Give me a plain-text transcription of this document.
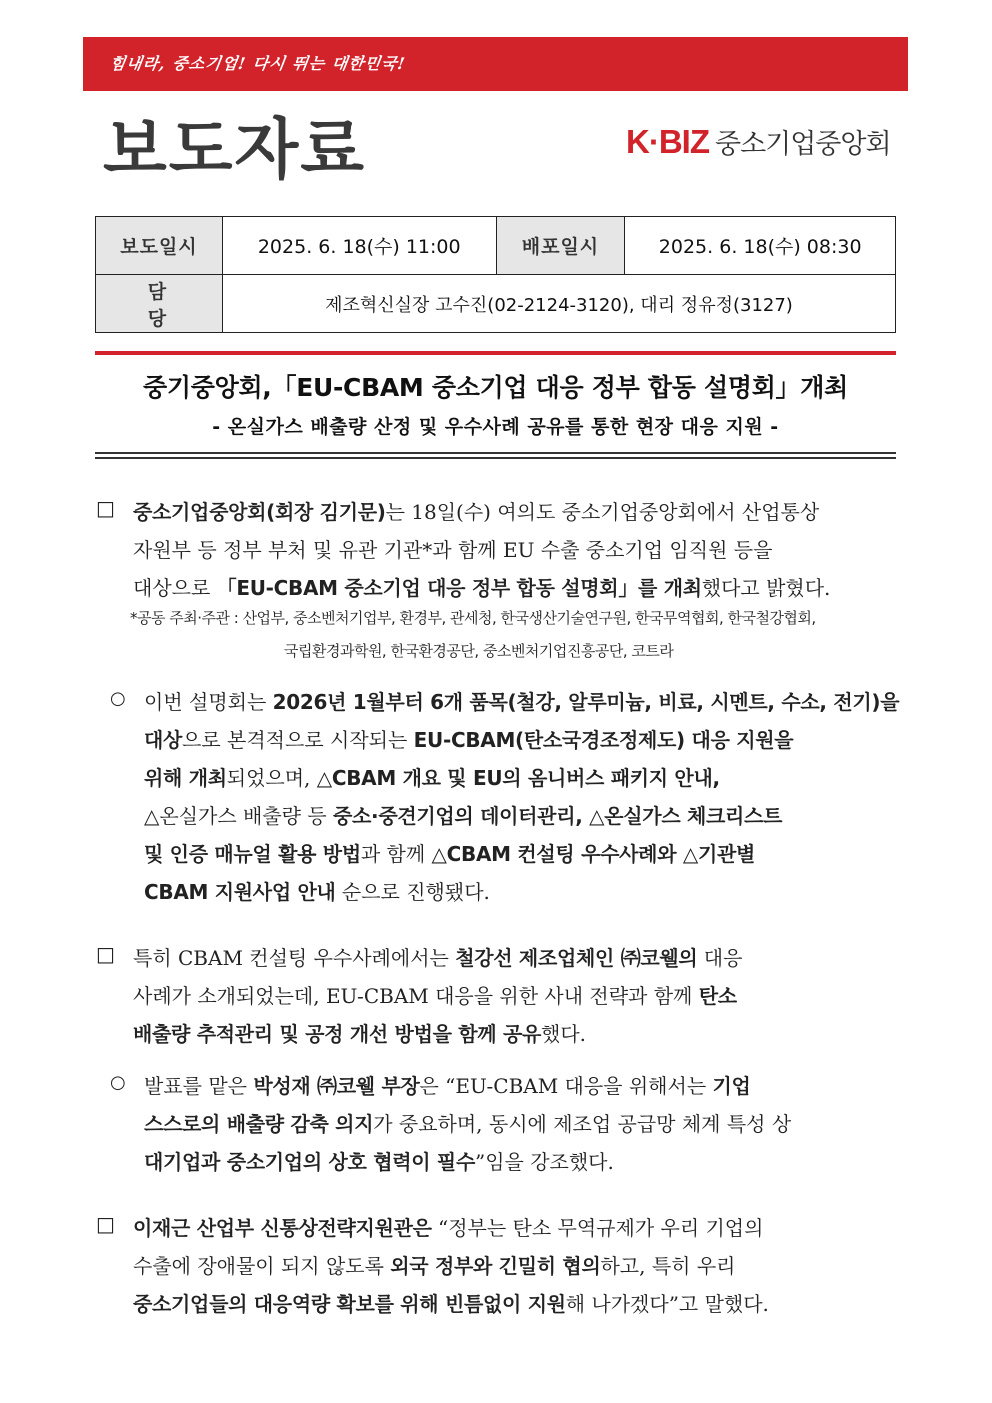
힘내라, 중소기업! 다시 뛰는 대한민국!
보도자료	K·BIZ 중소기업중앙회
보도일시	2025. 6. 18(수) 11:00	배포일시	2025. 6. 18(수) 08:30
담 당	제조혁신실장 고수진(02-2124-3120), 대리 정유정(3127)		
중기중앙회,「EU-CBAM 중소기업 대응 정부 합동 설명회」개최
- 온실가스 배출량 산정 및 우수사례 공유를 통한 현장 대응 지원 -
□ 중소기업중앙회(회장 김기문)는 18일(수) 여의도 중소기업중앙회에서 산업통상
자원부 등 정부 부처 및 유관 기관*과 함께 EU 수출 중소기업 임직원 등을
대상으로 「EU-CBAM 중소기업 대응 정부 합동 설명회」를 개최했다고 밝혔다.
*공동 주최·주관 : 산업부, 중소벤처기업부, 환경부, 관세청, 한국생산기술연구원, 한국무역협회, 한국철강협회,
국립환경과학원, 한국환경공단, 중소벤처기업진흥공단, 코트라
○ 이번 설명회는 2026년 1월부터 6개 품목(철강, 알루미늄, 비료, 시멘트, 수소, 전기)을
대상으로 본격적으로 시작되는 EU-CBAM(탄소국경조정제도) 대응 지원을
위해 개최되었으며, △CBAM 개요 및 EU의 옴니버스 패키지 안내,
△온실가스 배출량 등 중소·중견기업의 데이터관리, △온실가스 체크리스트
및 인증 매뉴얼 활용 방법과 함께 △CBAM 컨설팅 우수사례와 △기관별
CBAM 지원사업 안내 순으로 진행됐다.
□ 특히 CBAM 컨설팅 우수사례에서는 철강선 제조업체인 ㈜코웰의 대응
사례가 소개되었는데, EU-CBAM 대응을 위한 사내 전략과 함께 탄소
배출량 추적관리 및 공정 개선 방법을 함께 공유했다.
○ 발표를 맡은 박성재 ㈜코웰 부장은 “EU-CBAM 대응을 위해서는 기업
스스로의 배출량 감축 의지가 중요하며, 동시에 제조업 공급망 체계 특성 상
대기업과 중소기업의 상호 협력이 필수”임을 강조했다.
□ 이재근 산업부 신통상전략지원관은 “정부는 탄소 무역규제가 우리 기업의
수출에 장애물이 되지 않도록 외국 정부와 긴밀히 협의하고, 특히 우리
중소기업들의 대응역량 확보를 위해 빈틈없이 지원해 나가겠다”고 말했다.
